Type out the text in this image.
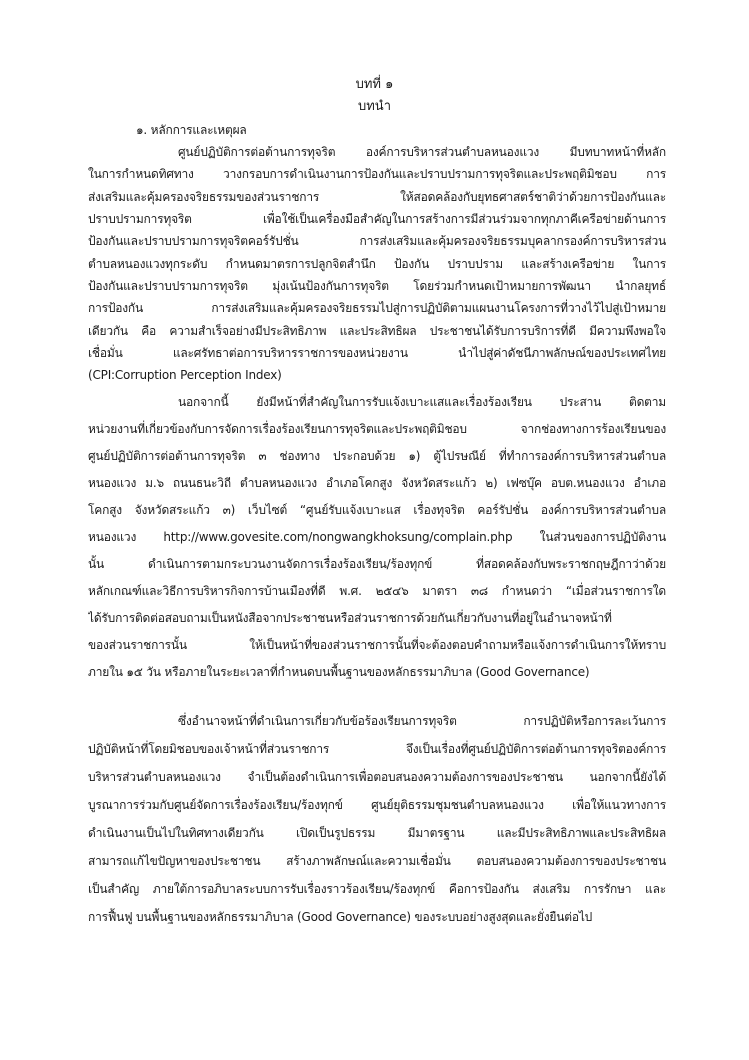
บทที่ ๑
บทนำ
๑. หลักการและเหตุผล
ศูนย์ปฏิบัติการต่อต้านการทุจริต องค์การบริหารส่วนตำบลหนองแวง มีบทบาทหน้าที่หลัก
ในการกำหนดทิศทาง วางกรอบการดำเนินงานการป้องกันและปราบปรามการทุจริตและประพฤติมิชอบ การ
ส่งเสริมและคุ้มครองจริยธรรมของส่วนราชการ ให้สอดคล้องกับยุทธศาสตร์ชาติว่าด้วยการป้องกันและ
ปราบปรามการทุจริต เพื่อใช้เป็นเครื่องมือสำคัญในการสร้างการมีส่วนร่วมจากทุกภาคีเครือข่ายด้านการ
ป้องกันและปราบปรามการทุจริตคอร์รัปชั่น การส่งเสริมและคุ้มครองจริยธรรมบุคลากรองค์การบริหารส่วน
ตำบลหนองแวงทุกระดับ กำหนดมาตรการปลูกจิตสำนึก ป้องกัน ปราบปราม และสร้างเครือข่าย ในการ
ป้องกันและปราบปรามการทุจริต มุ่งเน้นป้องกันการทุจริต โดยร่วมกำหนดเป้าหมายการพัฒนา นำกลยุทธ์
การป้องกัน การส่งเสริมและคุ้มครองจริยธรรมไปสู่การปฏิบัติตามแผนงานโครงการที่วางไว้ไปสู่เป้าหมาย
เดียวกัน คือ ความสำเร็จอย่างมีประสิทธิภาพ และประสิทธิผล ประชาชนได้รับการบริการที่ดี มีความพึงพอใจ
เชื่อมั่น และศรัทธาต่อการบริหารราชการของหน่วยงาน นำไปสู่ค่าดัชนีภาพลักษณ์ของประเทศไทย
(CPI:Corruption Perception Index)
นอกจากนี้ ยังมีหน้าที่สำคัญในการรับแจ้งเบาะแสและเรื่องร้องเรียน ประสาน ติดตาม
หน่วยงานที่เกี่ยวข้องกับการจัดการเรื่องร้องเรียนการทุจริตและประพฤติมิชอบ จากช่องทางการร้องเรียนของ
ศูนย์ปฏิบัติการต่อต้านการทุจริต ๓ ช่องทาง ประกอบด้วย ๑) ตู้ไปรษณีย์ ที่ทำการองค์การบริหารส่วนตำบล
หนองแวง ม.๖ ถนนธนะวิถี ตำบลหนองแวง อำเภอโคกสูง จังหวัดสระแก้ว ๒) เฟซบุ๊ค อบต.หนองแวง อำเภอ
โคกสูง จังหวัดสระแก้ว ๓) เว็บไซต์ “ศูนย์รับแจ้งเบาะแส เรื่องทุจริต คอร์รัปชั่น องค์การบริหารส่วนตำบล
หนองแวง http://www.govesite.com/nongwangkhoksung/complain.php ในส่วนของการปฏิบัติงาน
นั้น ดำเนินการตามกระบวนงานจัดการเรื่องร้องเรียน/ร้องทุกข์ ที่สอดคล้องกับพระราชกฤษฎีกาว่าด้วย
หลักเกณฑ์และวิธีการบริหารกิจการบ้านเมืองที่ดี พ.ศ. ๒๕๔๖ มาตรา ๓๘ กำหนดว่า “เมื่อส่วนราชการใด
ได้รับการติดต่อสอบถามเป็นหนังสือจากประชาชนหรือส่วนราชการด้วยกันเกี่ยวกับงานที่อยู่ในอำนาจหน้าที่
ของส่วนราชการนั้น ให้เป็นหน้าที่ของส่วนราชการนั้นที่จะต้องตอบคำถามหรือแจ้งการดำเนินการให้ทราบ
ภายใน ๑๕ วัน หรือภายในระยะเวลาที่กำหนดบนพื้นฐานของหลักธรรมาภิบาล (Good Governance)
ซึ่งอำนาจหน้าที่ดำเนินการเกี่ยวกับข้อร้องเรียนการทุจริต การปฏิบัติหรือการละเว้นการ
ปฏิบัติหน้าที่โดยมิชอบของเจ้าหน้าที่ส่วนราชการ จึงเป็นเรื่องที่ศูนย์ปฏิบัติการต่อต้านการทุจริตองค์การ
บริหารส่วนตำบลหนองแวง จำเป็นต้องดำเนินการเพื่อตอบสนองความต้องการของประชาชน นอกจากนี้ยังได้
บูรณาการร่วมกับศูนย์จัดการเรื่องร้องเรียน/ร้องทุกข์ ศูนย์ยุติธรรมชุมชนตำบลหนองแวง เพื่อให้แนวทางการ
ดำเนินงานเป็นไปในทิศทางเดียวกัน เปิดเป็นรูปธรรม มีมาตรฐาน และมีประสิทธิภาพและประสิทธิผล
สามารถแก้ไขปัญหาของประชาชน สร้างภาพลักษณ์และความเชื่อมั่น ตอบสนองความต้องการของประชาชน
เป็นสำคัญ ภายใต้การอภิบาลระบบการรับเรื่องราวร้องเรียน/ร้องทุกข์ คือการป้องกัน ส่งเสริม การรักษา และ
การฟื้นฟู บนพื้นฐานของหลักธรรมาภิบาล (Good Governance) ของระบบอย่างสูงสุดและยั่งยืนต่อไป
